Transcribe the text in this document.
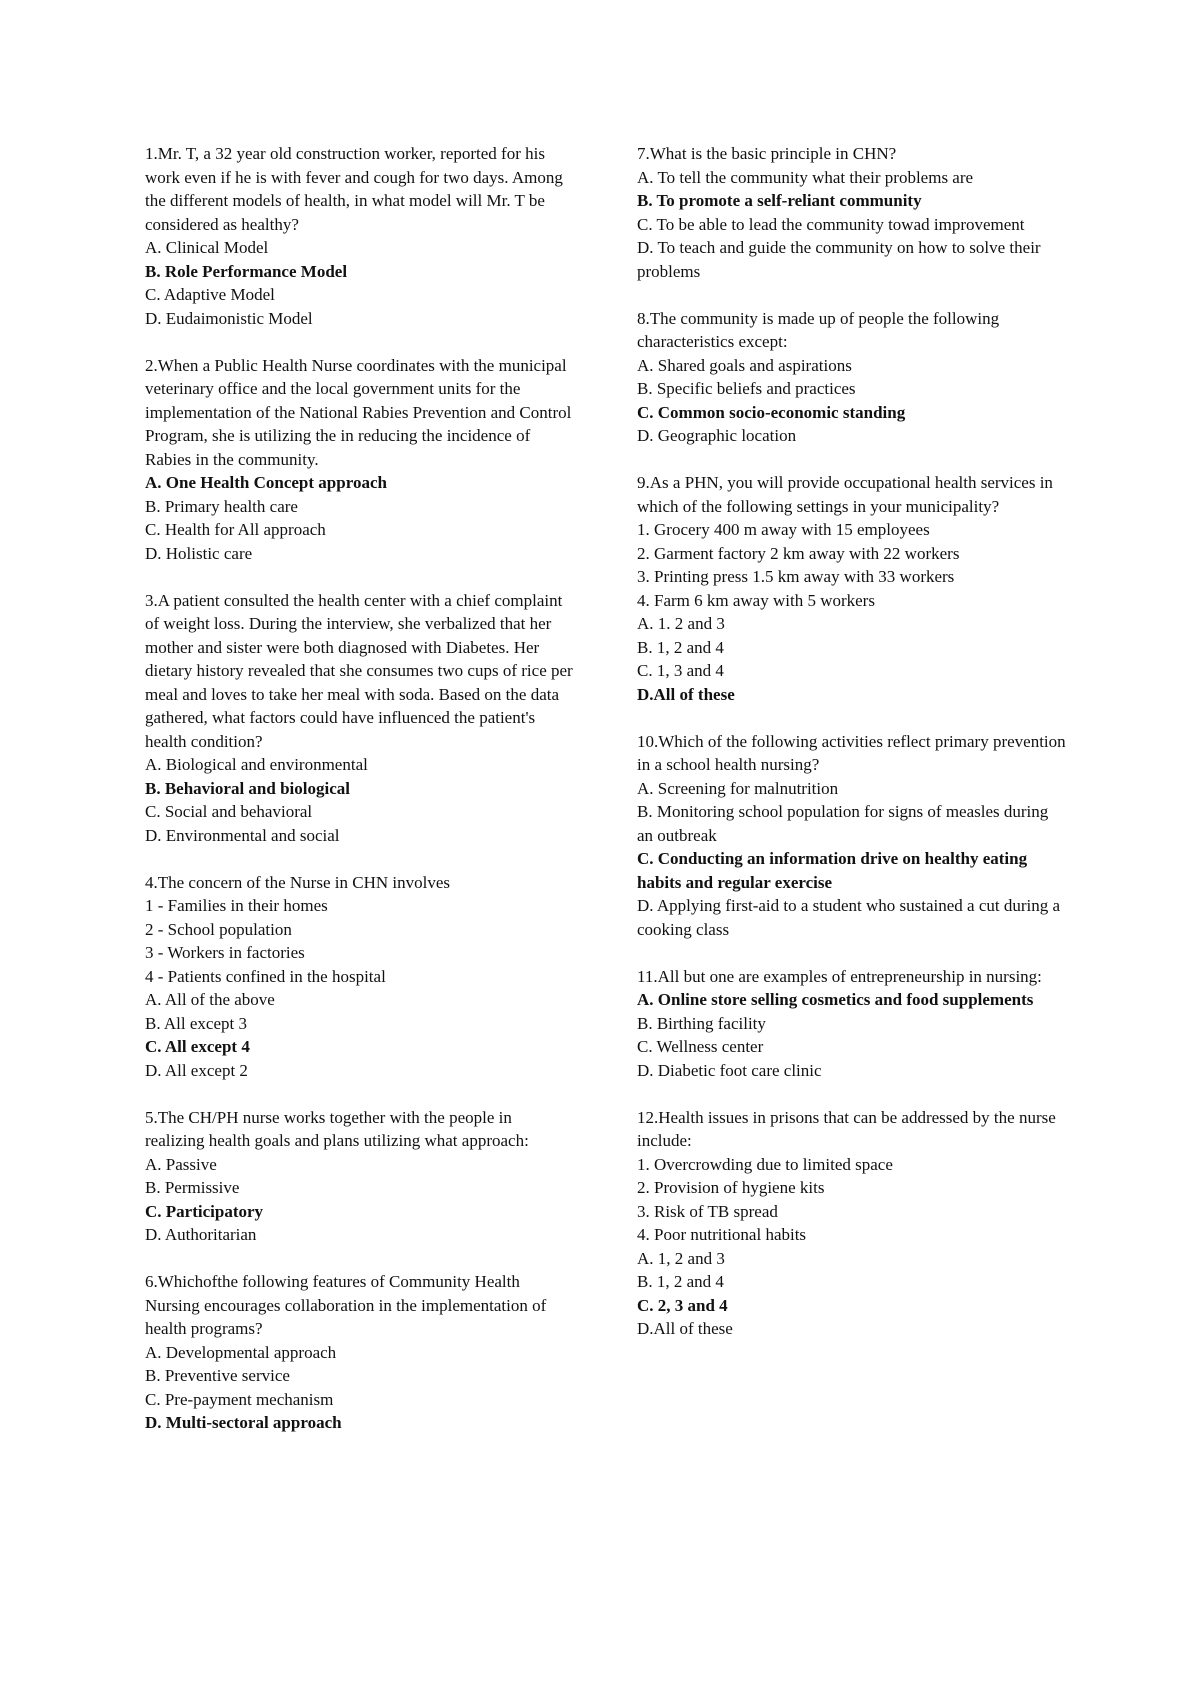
1.Mr. T, a 32 year old construction worker, reported for his work even if he is with fever and cough for two days. Among the different models of health, in what model will Mr. T be considered as healthy?
A. Clinical Model
B. Role Performance Model
C. Adaptive Model
D. Eudaimonistic Model
2.When a Public Health Nurse coordinates with the municipal veterinary office and the local government units for the implementation of the National Rabies Prevention and Control Program, she is utilizing the in reducing the incidence of Rabies in the community.
A. One Health Concept approach
B. Primary health care
C. Health for All approach
D. Holistic care
3.A patient consulted the health center with a chief complaint of weight loss. During the interview, she verbalized that her mother and sister were both diagnosed with Diabetes. Her dietary history revealed that she consumes two cups of rice per meal and loves to take her meal with soda. Based on the data gathered, what factors could have influenced the patient's health condition?
A. Biological and environmental
B. Behavioral and biological
C. Social and behavioral
D. Environmental and social
4.The concern of the Nurse in CHN involves
1 - Families in their homes
2 - School population
3 - Workers in factories
4 - Patients confined in the hospital
A. All of the above
B. All except 3
C. All except 4
D. All except 2
5.The CH/PH nurse works together with the people in realizing health goals and plans utilizing what approach:
A. Passive
B. Permissive
C. Participatory
D. Authoritarian
6.Whichofthe following features of Community Health Nursing encourages collaboration in the implementation of health programs?
A. Developmental approach
B. Preventive service
C. Pre-payment mechanism
D. Multi-sectoral approach
7.What is the basic principle in CHN?
A. To tell the community what their problems are
B. To promote a self-reliant community
C. To be able to lead the community towad improvement
D. To teach and guide the community on how to solve their problems
8.The community is made up of people the following characteristics except:
A. Shared goals and aspirations
B. Specific beliefs and practices
C. Common socio-economic standing
D. Geographic location
9.As a PHN, you will provide occupational health services in which of the following settings in your municipality?
1. Grocery 400 m away with 15 employees
2. Garment factory 2 km away with 22 workers
3. Printing press 1.5 km away with 33 workers
4. Farm 6 km away with 5 workers
A. 1. 2 and 3
B. 1, 2 and 4
C. 1, 3 and 4
D.All of these
10.Which of the following activities reflect primary prevention in a school health nursing?
A. Screening for malnutrition
B. Monitoring school population for signs of measles during an outbreak
C. Conducting an information drive on healthy eating habits and regular exercise
D. Applying first-aid to a student who sustained a cut during a cooking class
11.All but one are examples of entrepreneurship in nursing:
A. Online store selling cosmetics and food supplements
B. Birthing facility
C. Wellness center
D. Diabetic foot care clinic
12.Health issues in prisons that can be addressed by the nurse include:
1. Overcrowding due to limited space
2. Provision of hygiene kits
3. Risk of TB spread
4. Poor nutritional habits
A. 1, 2 and 3
B. 1, 2 and 4
C. 2, 3 and 4
D.All of these
